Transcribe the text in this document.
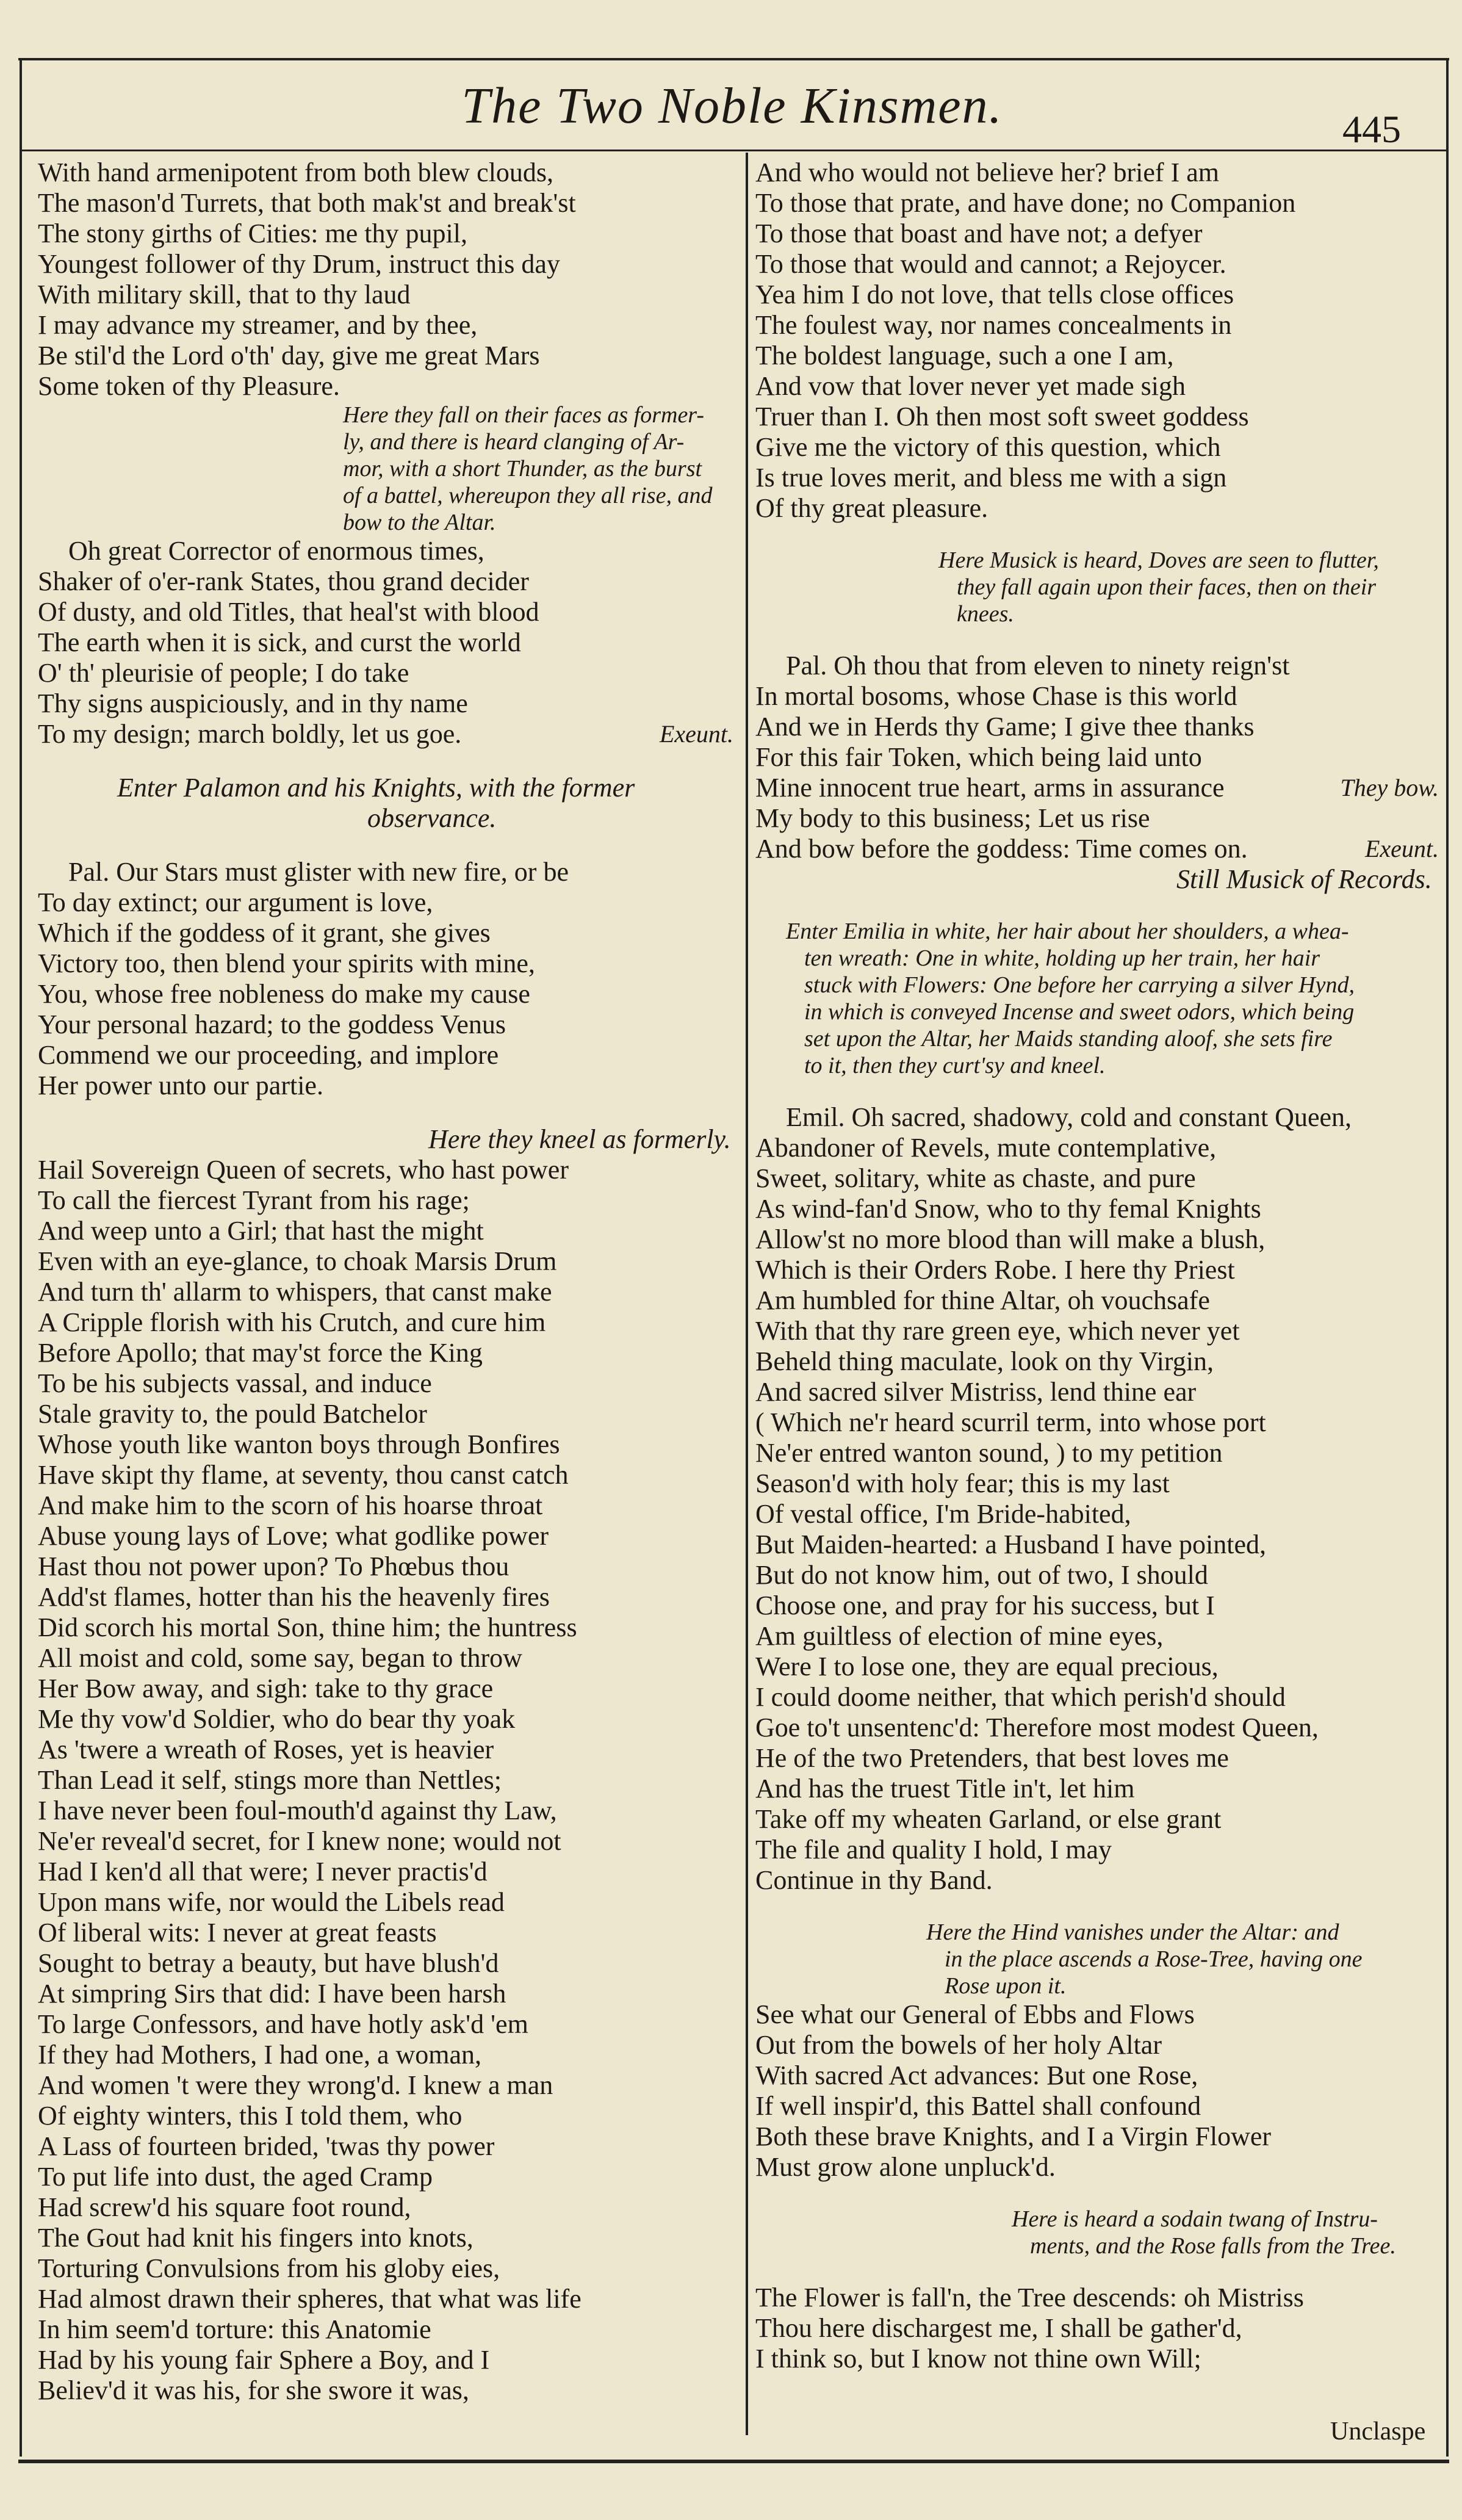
The Two Noble Kinsmen.	445
With hand armenipotent from both blew clouds,
The mason'd Turrets, that both mak'st and break'st
The stony girths of Cities: me thy pupil,
Youngest follower of thy Drum, instruct this day
With military skill, that to thy laud
I may advance my streamer, and by thee,
Be stil'd the Lord o'th' day, give me great Mars
Some token of thy Pleasure.
Here they fall on their faces as former-
ly, and there is heard clanging of Ar-
mor, with a short Thunder, as the burst
of a battel, whereupon they all rise, and
bow to the Altar.
Oh great Corrector of enormous times,
Shaker of o'er-rank States, thou grand decider
Of dusty, and old Titles, that heal'st with blood
The earth when it is sick, and curst the world
O' th' pleurisie of people; I do take
Thy signs auspiciously, and in thy name
Exeunt.
To my design; march boldly, let us goe.
Enter Palamon and his Knights, with the former
observance.
Pal. Our Stars must glister with new fire, or be
To day extinct; our argument is love,
Which if the goddess of it grant, she gives
Victory too, then blend your spirits with mine,
You, whose free nobleness do make my cause
Your personal hazard; to the goddess Venus
Commend we our proceeding, and implore
Her power unto our partie.
Here they kneel as formerly.
Hail Sovereign Queen of secrets, who hast power
To call the fiercest Tyrant from his rage;
And weep unto a Girl; that hast the might
Even with an eye-glance, to choak Marsis Drum
And turn th' allarm to whispers, that canst make
A Cripple florish with his Crutch, and cure him
Before Apollo; that may'st force the King
To be his subjects vassal, and induce
Stale gravity to, the pould Batchelor
Whose youth like wanton boys through Bonfires
Have skipt thy flame, at seventy, thou canst catch
And make him to the scorn of his hoarse throat
Abuse young lays of Love; what godlike power
Hast thou not power upon? To Phœbus thou
Add'st flames, hotter than his the heavenly fires
Did scorch his mortal Son, thine him; the huntress
All moist and cold, some say, began to throw
Her Bow away, and sigh: take to thy grace
Me thy vow'd Soldier, who do bear thy yoak
As 'twere a wreath of Roses, yet is heavier
Than Lead it self, stings more than Nettles;
I have never been foul-mouth'd against thy Law,
Ne'er reveal'd secret, for I knew none; would not
Had I ken'd all that were; I never practis'd
Upon mans wife, nor would the Libels read
Of liberal wits: I never at great feasts
Sought to betray a beauty, but have blush'd
At simpring Sirs that did: I have been harsh
To large Confessors, and have hotly ask'd 'em
If they had Mothers, I had one, a woman,
And women 't were they wrong'd. I knew a man
Of eighty winters, this I told them, who
A Lass of fourteen brided, 'twas thy power
To put life into dust, the aged Cramp
Had screw'd his square foot round,
The Gout had knit his fingers into knots,
Torturing Convulsions from his globy eies,
Had almost drawn their spheres, that what was life
In him seem'd torture: this Anatomie
Had by his young fair Sphere a Boy, and I
Believ'd it was his, for she swore it was,
And who would not believe her? brief I am
To those that prate, and have done; no Companion
To those that boast and have not; a defyer
To those that would and cannot; a Rejoycer.
Yea him I do not love, that tells close offices
The foulest way, nor names concealments in
The boldest language, such a one I am,
And vow that lover never yet made sigh
Truer than I. Oh then most soft sweet goddess
Give me the victory of this question, which
Is true loves merit, and bless me with a sign
Of thy great pleasure.
Here Musick is heard, Doves are seen to flutter,
they fall again upon their faces, then on their
knees.
Pal. Oh thou that from eleven to ninety reign'st
In mortal bosoms, whose Chase is this world
And we in Herds thy Game; I give thee thanks
For this fair Token, which being laid unto
They bow.
Mine innocent true heart, arms in assurance
My body to this business; Let us rise
Exeunt.
And bow before the goddess: Time comes on.
Still Musick of Records.
Enter Emilia in white, her hair about her shoulders, a whea-
ten wreath: One in white, holding up her train, her hair
stuck with Flowers: One before her carrying a silver Hynd,
in which is conveyed Incense and sweet odors, which being
set upon the Altar, her Maids standing aloof, she sets fire
to it, then they curt'sy and kneel.
Emil. Oh sacred, shadowy, cold and constant Queen,
Abandoner of Revels, mute contemplative,
Sweet, solitary, white as chaste, and pure
As wind-fan'd Snow, who to thy femal Knights
Allow'st no more blood than will make a blush,
Which is their Orders Robe. I here thy Priest
Am humbled for thine Altar, oh vouchsafe
With that thy rare green eye, which never yet
Beheld thing maculate, look on thy Virgin,
And sacred silver Mistriss, lend thine ear
( Which ne'r heard scurril term, into whose port
Ne'er entred wanton sound, ) to my petition
Season'd with holy fear; this is my last
Of vestal office, I'm Bride-habited,
But Maiden-hearted: a Husband I have pointed,
But do not know him, out of two, I should
Choose one, and pray for his success, but I
Am guiltless of election of mine eyes,
Were I to lose one, they are equal precious,
I could doome neither, that which perish'd should
Goe to't unsentenc'd: Therefore most modest Queen,
He of the two Pretenders, that best loves me
And has the truest Title in't, let him
Take off my wheaten Garland, or else grant
The file and quality I hold, I may
Continue in thy Band.
Here the Hind vanishes under the Altar: and
in the place ascends a Rose-Tree, having one
Rose upon it.
See what our General of Ebbs and Flows
Out from the bowels of her holy Altar
With sacred Act advances: But one Rose,
If well inspir'd, this Battel shall confound
Both these brave Knights, and I a Virgin Flower
Must grow alone unpluck'd.
Here is heard a sodain twang of Instru-
ments, and the Rose falls from the Tree.
The Flower is fall'n, the Tree descends: oh Mistriss
Thou here dischargest me, I shall be gather'd,
I think so, but I know not thine own Will;
Unclaspe
